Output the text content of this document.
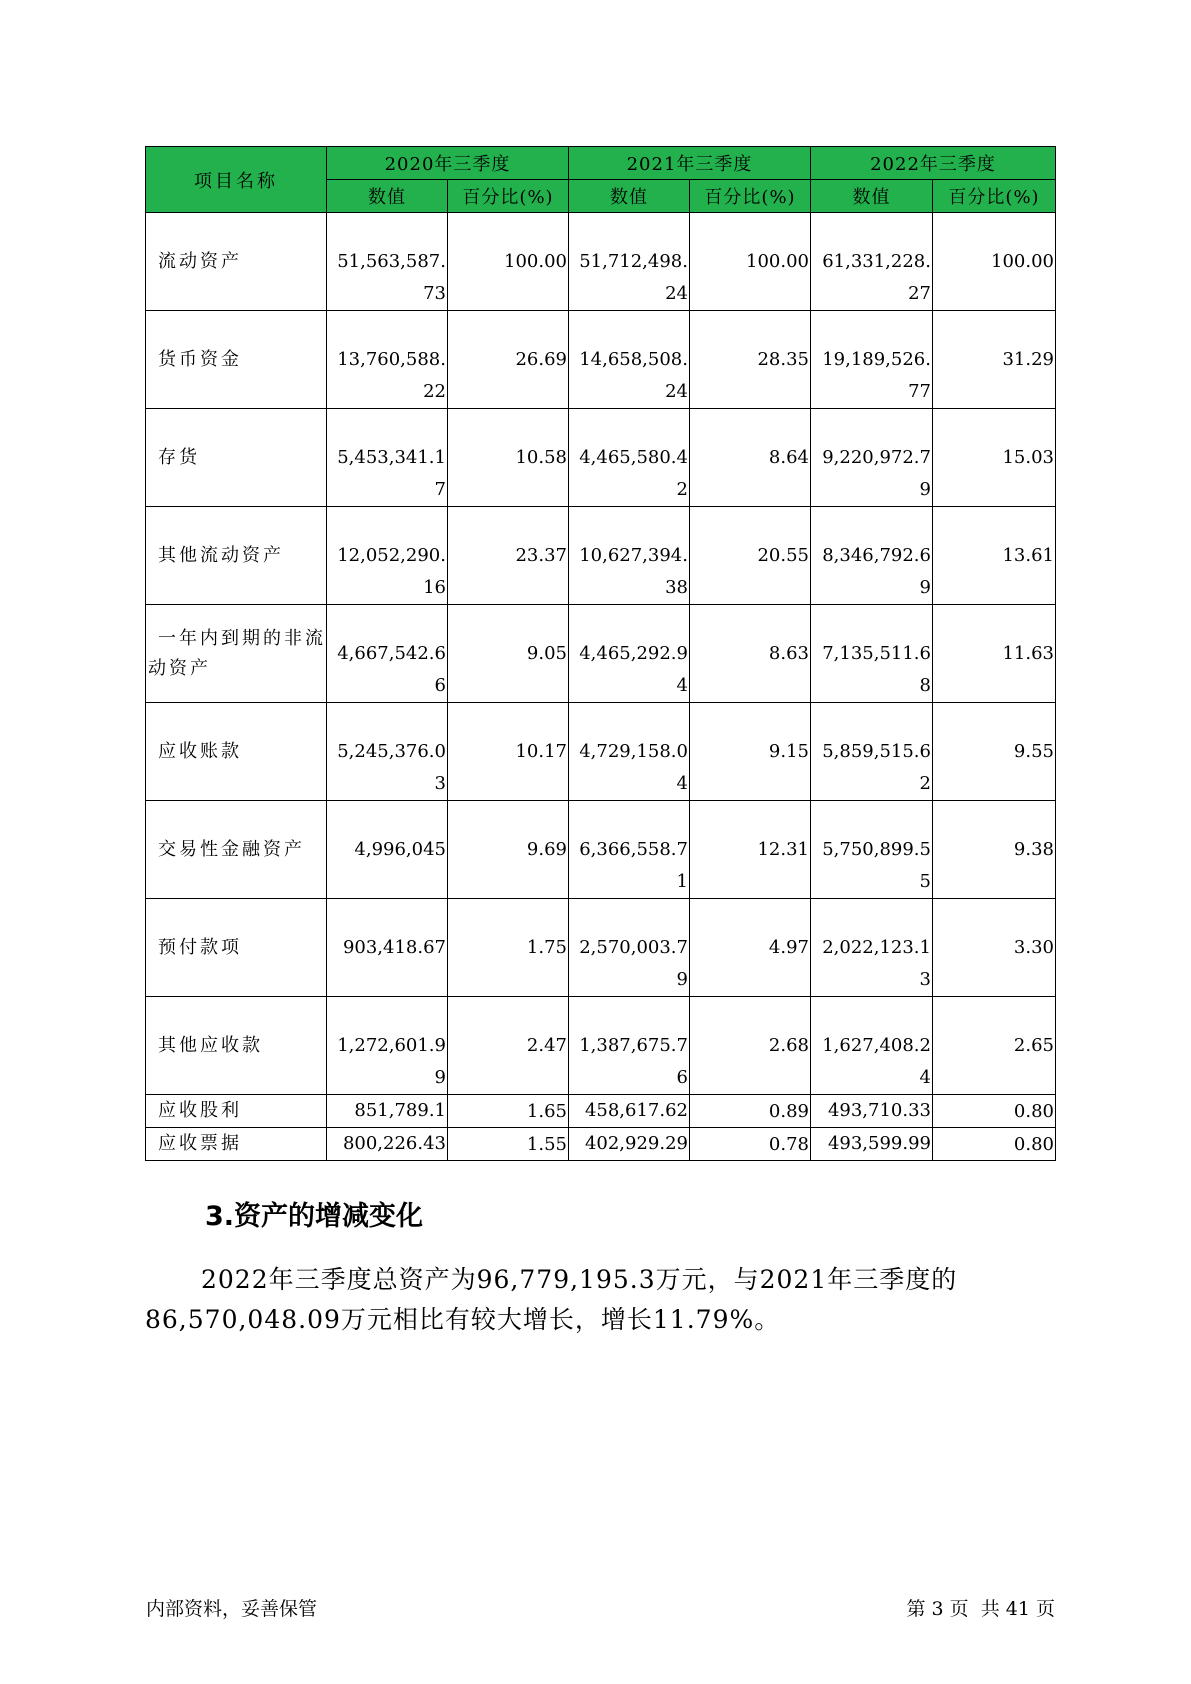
项目名称	2020年三季度		2021年三季度		2022年三季度	
	数值	百分比(%)	数值	百分比(%)	数值	百分比(%)
流动资产	51,563,587.73	100.00	51,712,498.24	100.00	61,331,228.27	100.00
货币资金	13,760,588.22	26.69	14,658,508.24	28.35	19,189,526.77	31.29
存货	5,453,341.17	10.58	4,465,580.42	8.64	9,220,972.79	15.03
其他流动资产	12,052,290.16	23.37	10,627,394.38	20.55	8,346,792.69	13.61
一年内到期的非流动资产	4,667,542.66	9.05	4,465,292.94	8.63	7,135,511.68	11.63
应收账款	5,245,376.03	10.17	4,729,158.04	9.15	5,859,515.62	9.55
交易性金融资产	4,996,045	9.69	6,366,558.71	12.31	5,750,899.55	9.38
预付款项	903,418.67	1.75	2,570,003.79	4.97	2,022,123.13	3.30
其他应收款	1,272,601.99	2.47	1,387,675.76	2.68	1,627,408.24	2.65
应收股利	851,789.1	1.65	458,617.62	0.89	493,710.33	0.80
应收票据	800,226.43	1.55	402,929.29	0.78	493,599.99	0.80
3.资产的增减变化

2022年三季度总资产为96,779,195.3万元，与2021年三季度的86,570,048.09万元相比有较大增长，增长11.79%。

内部资料，妥善保管	第 3 页  共 41 页
